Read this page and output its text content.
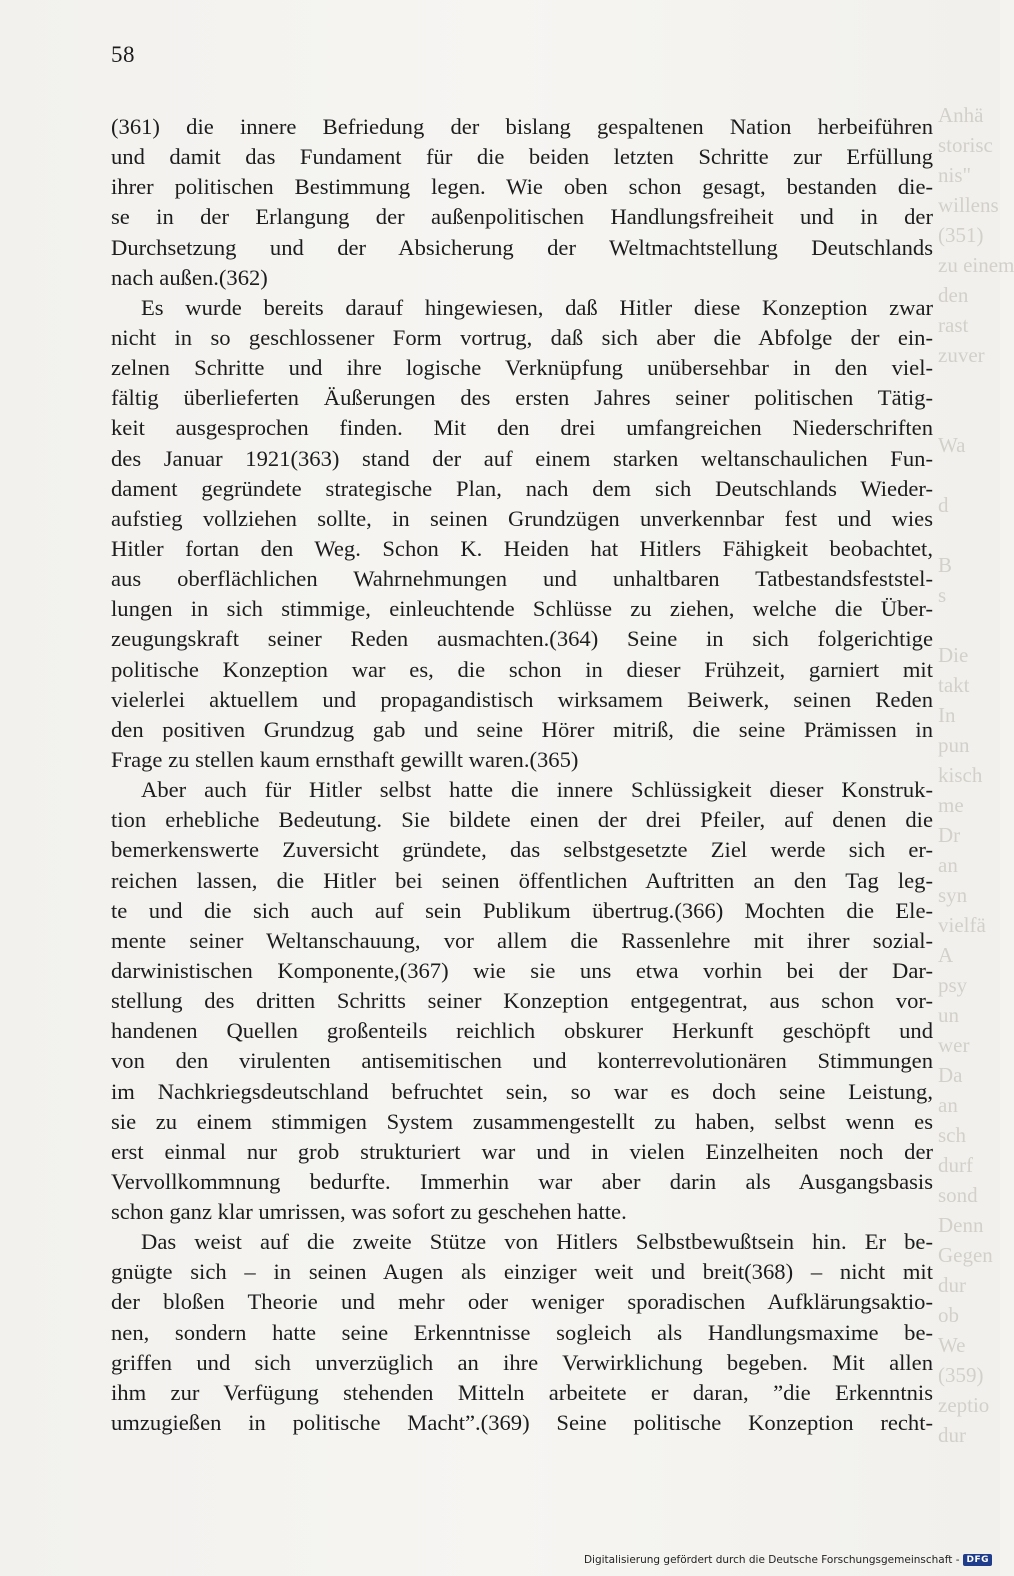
Anhä
storisc
nis"
willens
(351)
zu einem
den
rast
zuver
Wa
d
B
s
Die
takt
In
pun
kisch
me
Dr
an
syn
vielfä
A
psy
un
wer
Da
an
sch
durf
sond
Denn
Gegen
dur
ob
We
(359)
zeptio
dur
58
(361) die innere Befriedung der bislang gespaltenen Nation herbeiführen
und damit das Fundament für die beiden letzten Schritte zur Erfüllung
ihrer politischen Bestimmung legen. Wie oben schon gesagt, bestanden die-
se in der Erlangung der außenpolitischen Handlungsfreiheit und in der
Durchsetzung und der Absicherung der Weltmachtstellung Deutschlands
nach außen.(362)
Es wurde bereits darauf hingewiesen, daß Hitler diese Konzeption zwar
nicht in so geschlossener Form vortrug, daß sich aber die Abfolge der ein-
zelnen Schritte und ihre logische Verknüpfung unübersehbar in den viel-
fältig überlieferten Äußerungen des ersten Jahres seiner politischen Tätig-
keit ausgesprochen finden. Mit den drei umfangreichen Niederschriften
des Januar 1921(363) stand der auf einem starken weltanschaulichen Fun-
dament gegründete strategische Plan, nach dem sich Deutschlands Wieder-
aufstieg vollziehen sollte, in seinen Grundzügen unverkennbar fest und wies
Hitler fortan den Weg. Schon K. Heiden hat Hitlers Fähigkeit beobachtet,
aus oberflächlichen Wahrnehmungen und unhaltbaren Tatbestandsfeststel-
lungen in sich stimmige, einleuchtende Schlüsse zu ziehen, welche die Über-
zeugungskraft seiner Reden ausmachten.(364) Seine in sich folgerichtige
politische Konzeption war es, die schon in dieser Frühzeit, garniert mit
vielerlei aktuellem und propagandistisch wirksamem Beiwerk, seinen Reden
den positiven Grundzug gab und seine Hörer mitriß, die seine Prämissen in
Frage zu stellen kaum ernsthaft gewillt waren.(365)
Aber auch für Hitler selbst hatte die innere Schlüssigkeit dieser Konstruk-
tion erhebliche Bedeutung. Sie bildete einen der drei Pfeiler, auf denen die
bemerkenswerte Zuversicht gründete, das selbstgesetzte Ziel werde sich er-
reichen lassen, die Hitler bei seinen öffentlichen Auftritten an den Tag leg-
te und die sich auch auf sein Publikum übertrug.(366) Mochten die Ele-
mente seiner Weltanschauung, vor allem die Rassenlehre mit ihrer sozial-
darwinistischen Komponente,(367) wie sie uns etwa vorhin bei der Dar-
stellung des dritten Schritts seiner Konzeption entgegentrat, aus schon vor-
handenen Quellen großenteils reichlich obskurer Herkunft geschöpft und
von den virulenten antisemitischen und konterrevolutionären Stimmungen
im Nachkriegsdeutschland befruchtet sein, so war es doch seine Leistung,
sie zu einem stimmigen System zusammengestellt zu haben, selbst wenn es
erst einmal nur grob strukturiert war und in vielen Einzelheiten noch der
Vervollkommnung bedurfte. Immerhin war aber darin als Ausgangsbasis
schon ganz klar umrissen, was sofort zu geschehen hatte.
Das weist auf die zweite Stütze von Hitlers Selbstbewußtsein hin. Er be-
gnügte sich – in seinen Augen als einziger weit und breit(368) – nicht mit
der bloßen Theorie und mehr oder weniger sporadischen Aufklärungsaktio-
nen, sondern hatte seine Erkenntnisse sogleich als Handlungsmaxime be-
griffen und sich unverzüglich an ihre Verwirklichung begeben. Mit allen
ihm zur Verfügung stehenden Mitteln arbeitete er daran, ”die Erkenntnis
umzugießen in politische Macht”.(369) Seine politische Konzeption recht-
Digitalisierung gefördert durch die Deutsche Forschungsgemeinschaft - DFG
